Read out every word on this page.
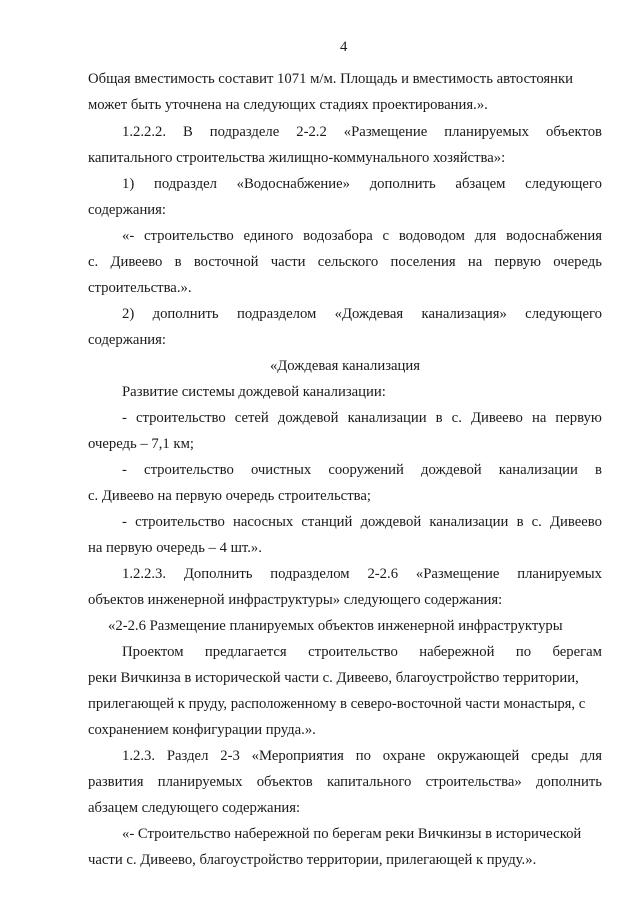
4
Общая вместимость составит 1071 м/м. Площадь и вместимость автостоянки
может быть уточнена на следующих стадиях проектирования.».
1.2.2.2. В подразделе 2-2.2 «Размещение планируемых объектов
капитального строительства жилищно-коммунального хозяйства»:
1) подраздел «Водоснабжение» дополнить абзацем следующего
содержания:
«- строительство единого водозабора с водоводом для водоснабжения
с. Дивеево в восточной части сельского поселения на первую очередь
строительства.».
2) дополнить подразделом «Дождевая канализация» следующего
содержания:
«Дождевая канализация
Развитие системы дождевой канализации:
- строительство сетей дождевой канализации в с. Дивеево на первую
очередь – 7,1 км;
- строительство очистных сооружений дождевой канализации в
с. Дивеево на первую очередь строительства;
- строительство насосных станций дождевой канализации в с. Дивеево
на первую очередь – 4 шт.».
1.2.2.3. Дополнить подразделом 2-2.6 «Размещение планируемых
объектов инженерной инфраструктуры» следующего содержания:
«2-2.6 Размещение планируемых объектов инженерной инфраструктуры
Проектом предлагается строительство набережной по берегам
реки Вичкинза в исторической части с. Дивеево, благоустройство территории,
прилегающей к пруду, расположенному в северо-восточной части монастыря, с
сохранением конфигурации пруда.».
1.2.3. Раздел 2-3 «Мероприятия по охране окружающей среды для
развития планируемых объектов капитального строительства» дополнить
абзацем следующего содержания:
«- Строительство набережной по берегам реки Вичкинзы в исторической
части с. Дивеево, благоустройство территории, прилегающей к пруду.».
